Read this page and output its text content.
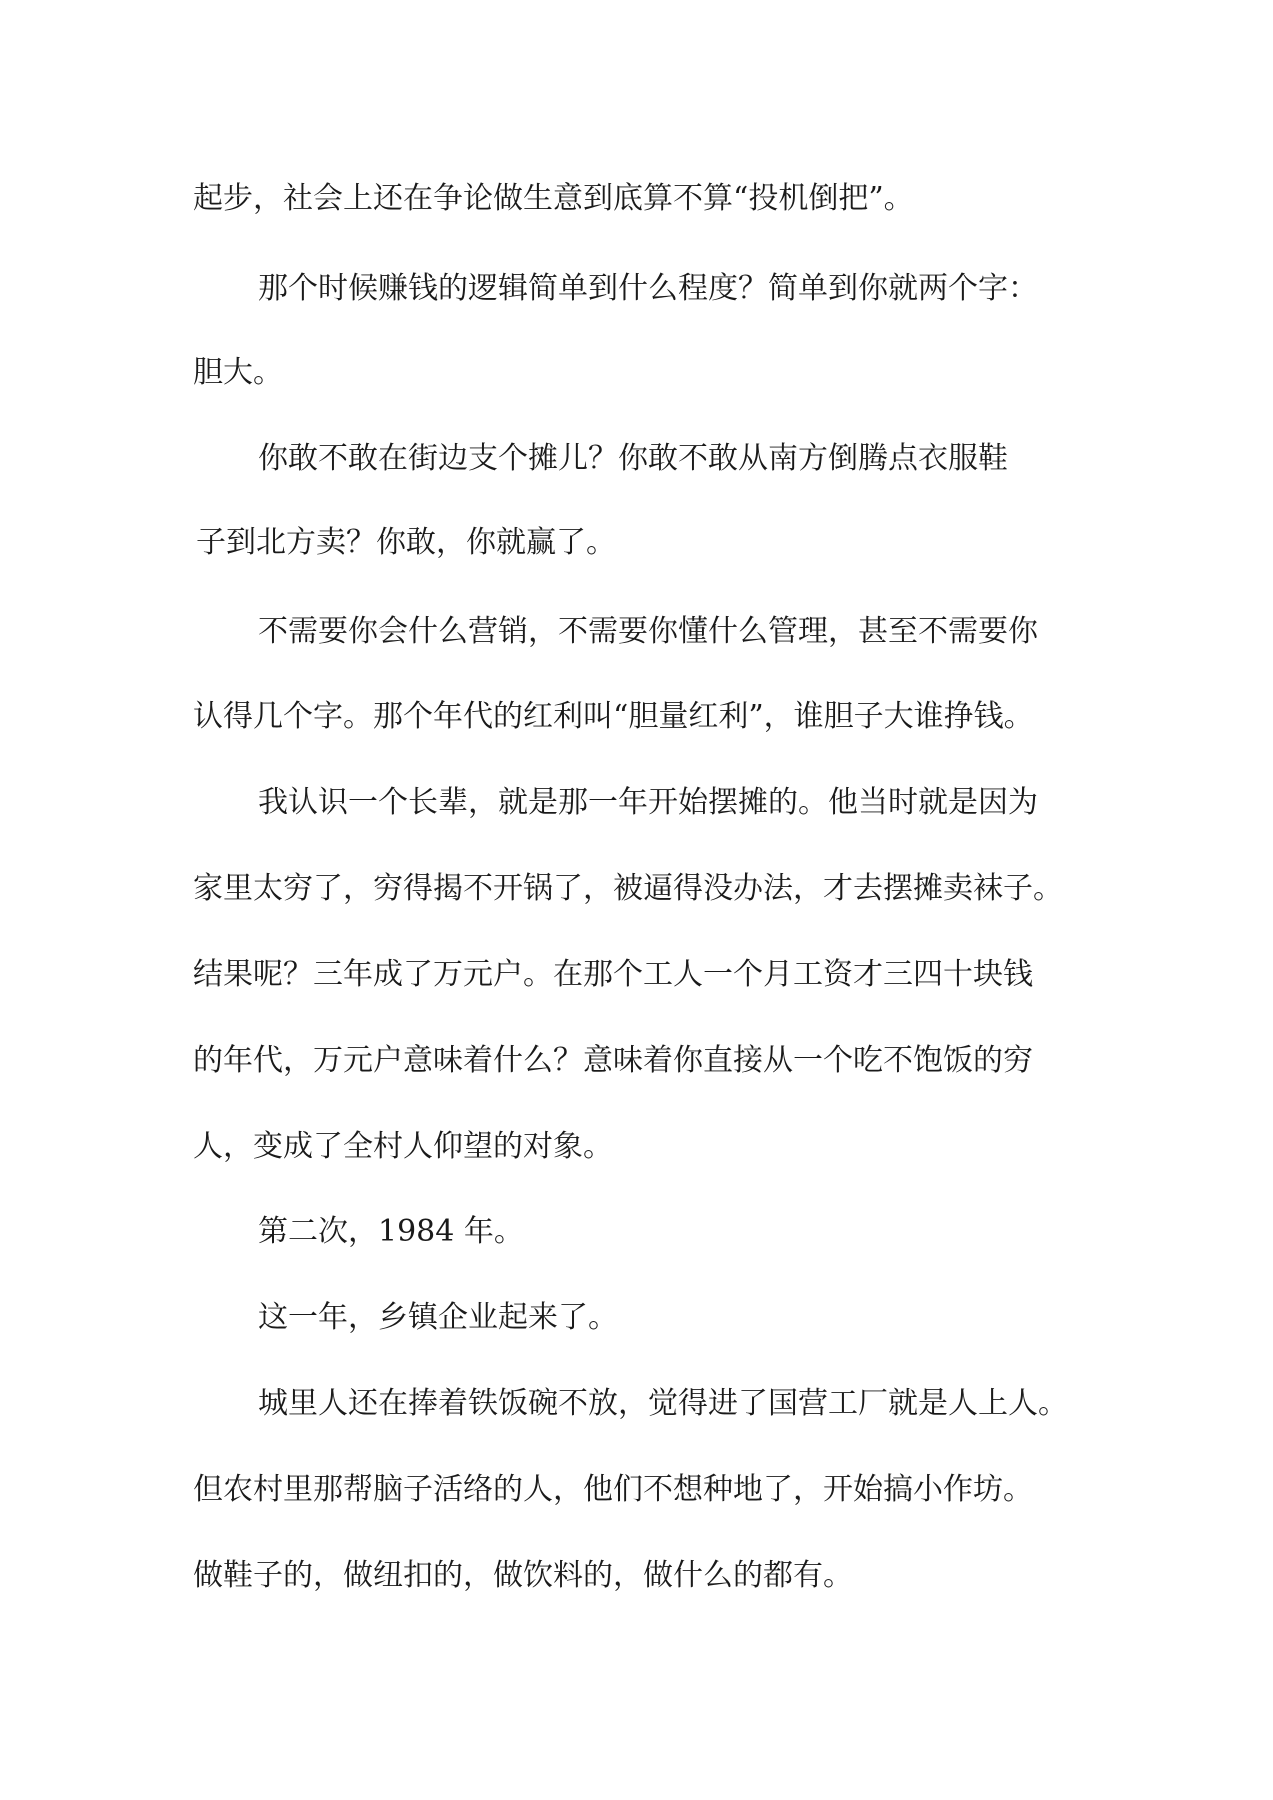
起步，社会上还在争论做生意到底算不算“投机倒把”。
那个时候赚钱的逻辑简单到什么程度？简单到你就两个字：
胆大。
你敢不敢在街边支个摊儿？你敢不敢从南方倒腾点衣服鞋
子到北方卖？你敢，你就赢了。
不需要你会什么营销，不需要你懂什么管理，甚至不需要你
认得几个字。那个年代的红利叫“胆量红利”，谁胆子大谁挣钱。
我认识一个长辈，就是那一年开始摆摊的。他当时就是因为
家里太穷了，穷得揭不开锅了，被逼得没办法，才去摆摊卖袜子。
结果呢？三年成了万元户。在那个工人一个月工资才三四十块钱
的年代，万元户意味着什么？意味着你直接从一个吃不饱饭的穷
人，变成了全村人仰望的对象。
第二次，1984 年。
这一年，乡镇企业起来了。
城里人还在捧着铁饭碗不放，觉得进了国营工厂就是人上人。
但农村里那帮脑子活络的人，他们不想种地了，开始搞小作坊。
做鞋子的，做纽扣的，做饮料的，做什么的都有。
